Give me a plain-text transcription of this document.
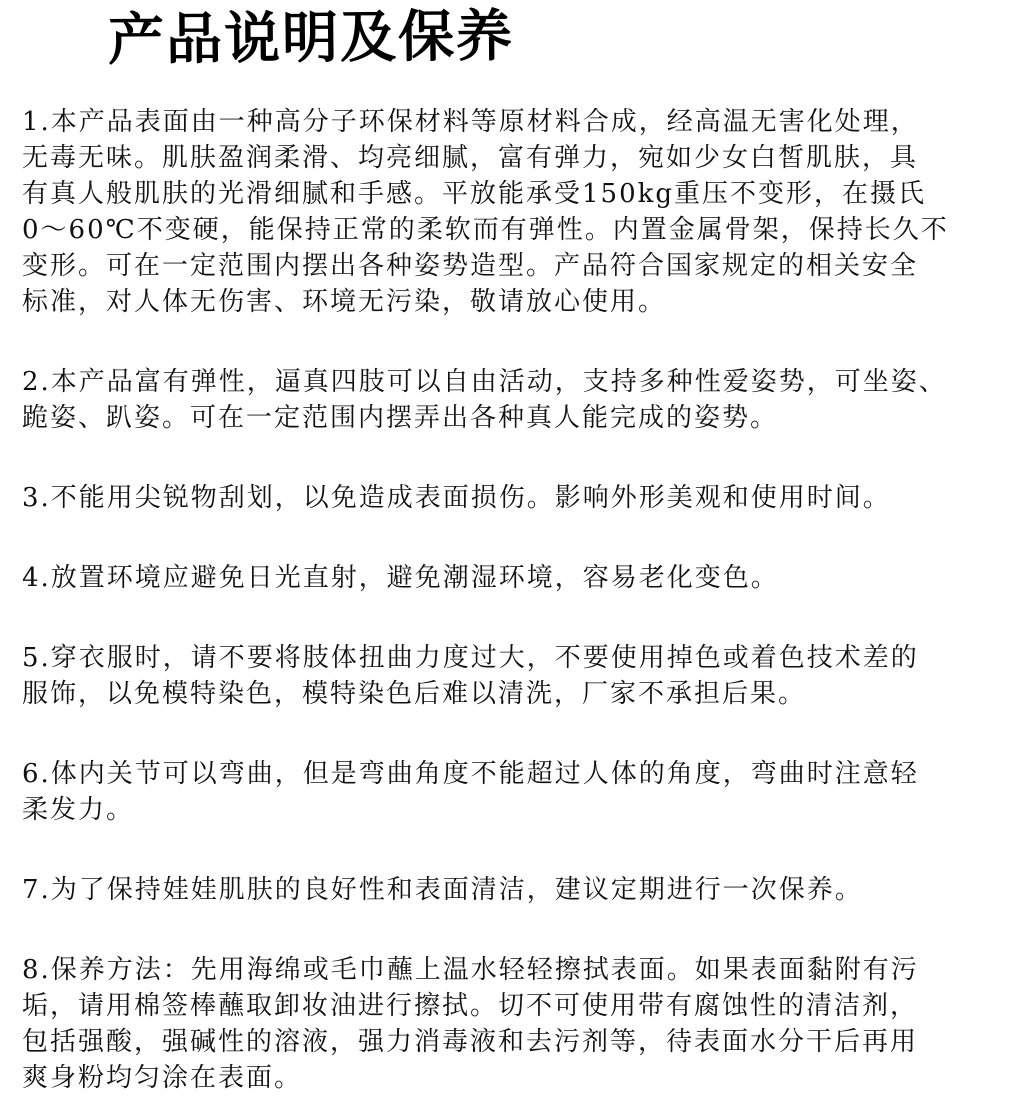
产品说明及保养
1.本产品表面由一种高分子环保材料等原材料合成，经高温无害化处理，
无毒无味。肌肤盈润柔滑、均亮细腻，富有弹力，宛如少女白皙肌肤，具
有真人般肌肤的光滑细腻和手感。平放能承受150kg重压不变形，在摄氏
0～60℃不变硬，能保持正常的柔软而有弹性。内置金属骨架，保持长久不
变形。可在一定范围内摆出各种姿势造型。产品符合国家规定的相关安全
标准，对人体无伤害、环境无污染，敬请放心使用。
2.本产品富有弹性，逼真四肢可以自由活动，支持多种性爱姿势，可坐姿、
跪姿、趴姿。可在一定范围内摆弄出各种真人能完成的姿势。
3.不能用尖锐物刮划，以免造成表面损伤。影响外形美观和使用时间。
4.放置环境应避免日光直射，避免潮湿环境，容易老化变色。
5.穿衣服时，请不要将肢体扭曲力度过大，不要使用掉色或着色技术差的
服饰，以免模特染色，模特染色后难以清洗，厂家不承担后果。
6.体内关节可以弯曲，但是弯曲角度不能超过人体的角度，弯曲时注意轻
柔发力。
7.为了保持娃娃肌肤的良好性和表面清洁，建议定期进行一次保养。
8.保养方法：先用海绵或毛巾蘸上温水轻轻擦拭表面。如果表面黏附有污
垢，请用棉签棒蘸取卸妆油进行擦拭。切不可使用带有腐蚀性的清洁剂，
包括强酸，强碱性的溶液，强力消毒液和去污剂等，待表面水分干后再用
爽身粉均匀涂在表面。
